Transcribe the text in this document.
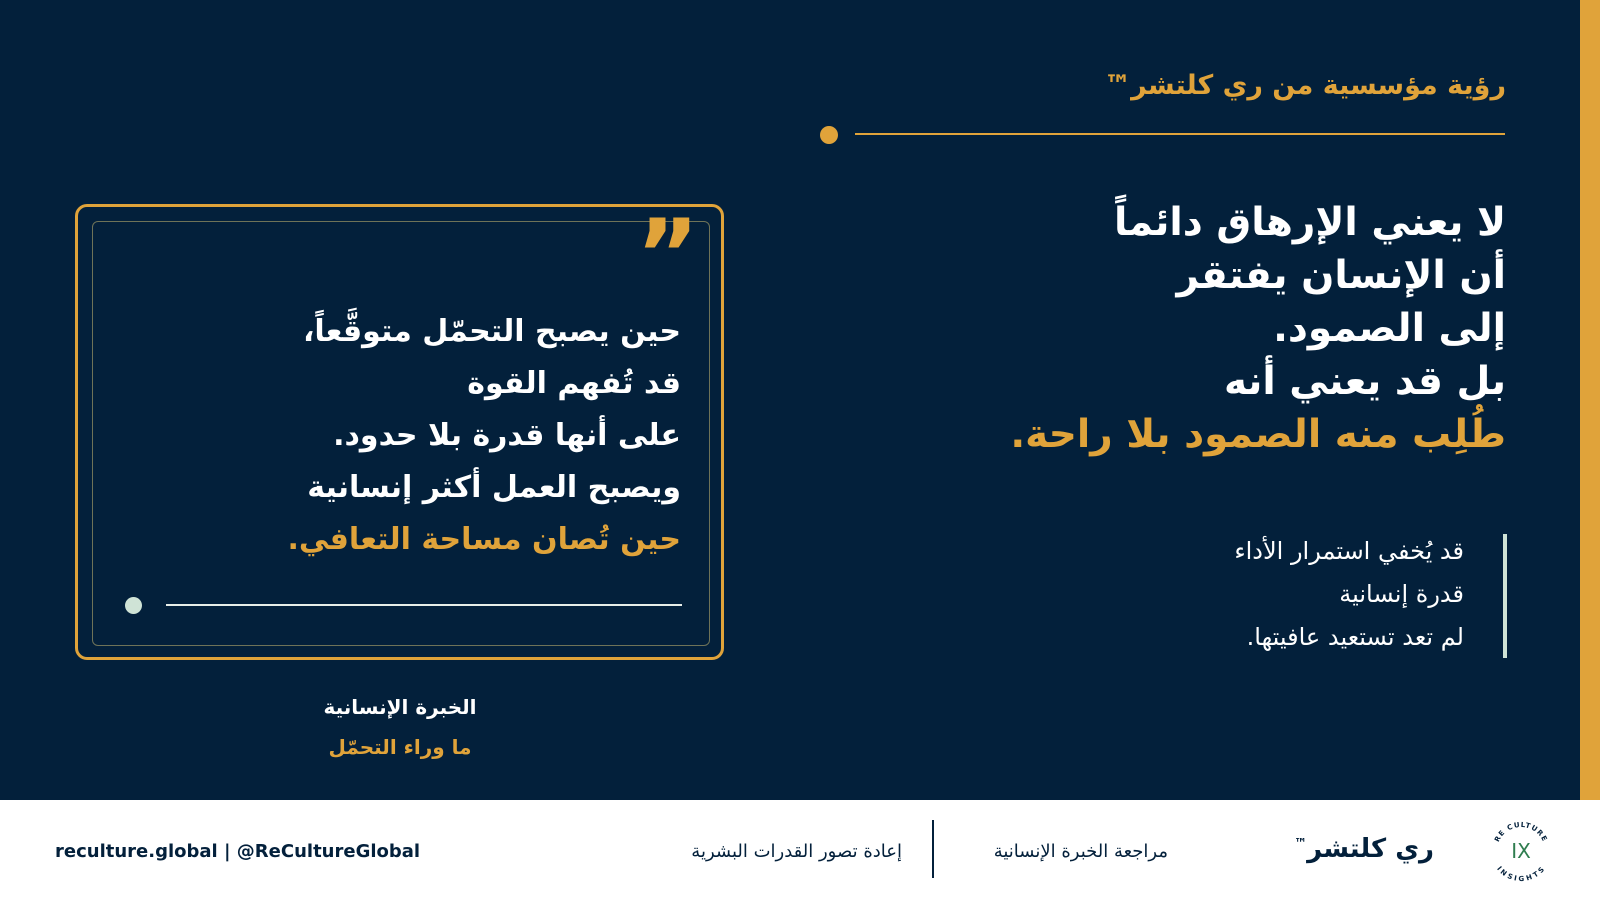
رؤية مؤسسية من ري كلتشر™
لا يعني الإرهاق دائماً
أن الإنسان يفتقر
إلى الصمود.
بل قد يعني أنه
طُلِب منه الصمود بلا راحة.
قد يُخفي استمرار الأداء
قدرة إنسانية
لم تعد تستعيد عافيتها.
”
حين يصبح التحمّل متوقَّعاً،
قد تُفهم القوة
على أنها قدرة بلا حدود.
ويصبح العمل أكثر إنسانية
حين تُصان مساحة التعافي.
الخبرة الإنسانية
ما وراء التحمّل
reculture.global | @ReCultureGlobal	إعادة تصور القدرات البشرية	مراجعة الخبرة الإنسانية	ري كلتشر™	RE CULTURE
INSIGHTS
IX
